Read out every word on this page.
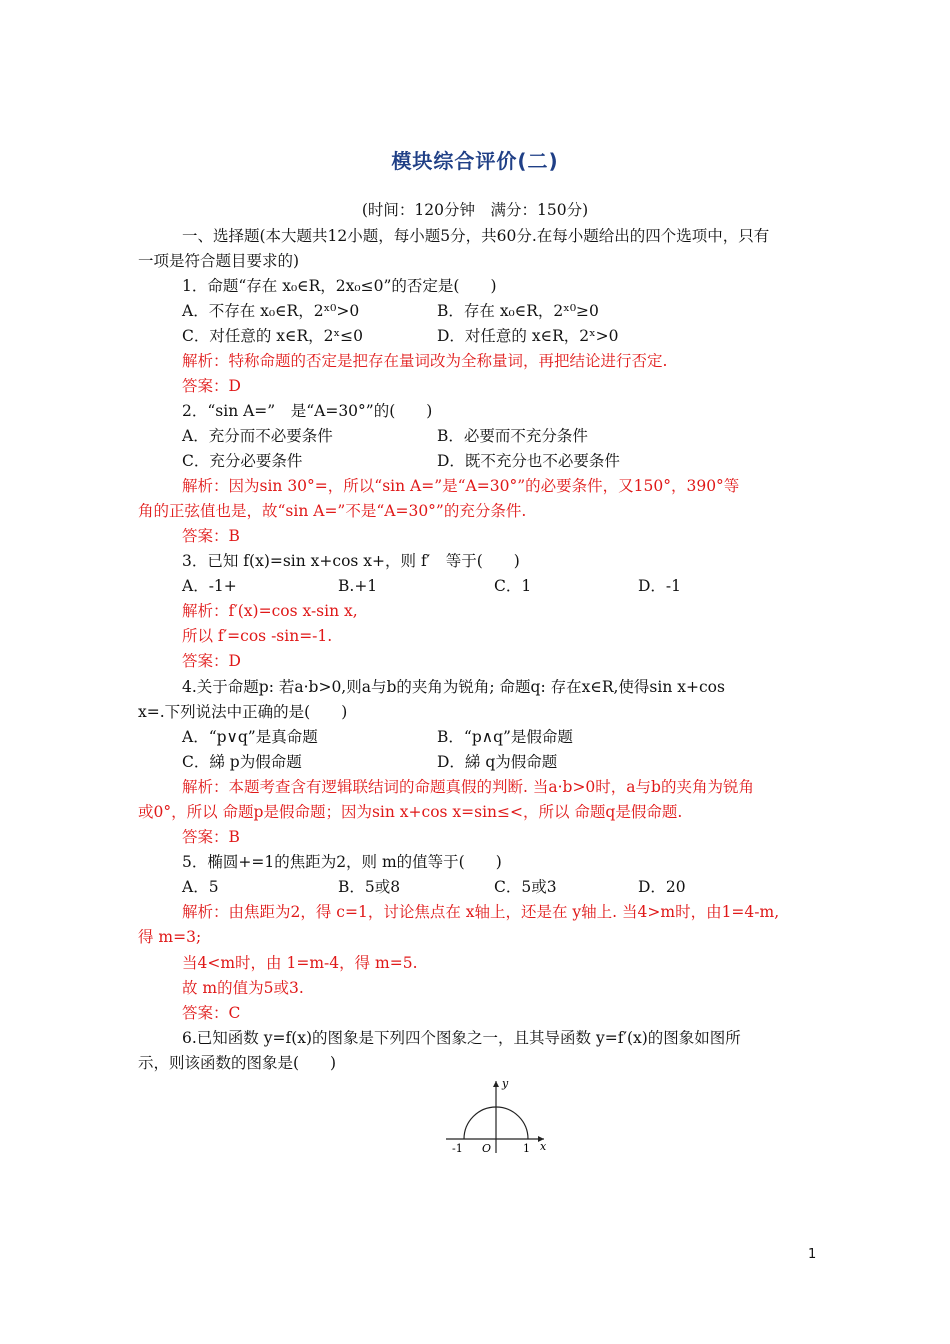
模块综合评价(二)
(时间：120分钟　满分：150分)
一、选择题(本大题共12小题，每小题5分，共60分.在每小题给出的四个选项中，只有
一项是符合题目要求的)
1．命题“存在 x₀∈R，2x₀≤0”的否定是(　　)
A．不存在 x₀∈R，2ˣ⁰>0	B．存在 x₀∈R，2ˣ⁰≥0
C．对任意的 x∈R，2ˣ≤0	D．对任意的 x∈R，2ˣ>0
解析：特称命题的否定是把存在量词改为全称量词，再把结论进行否定.
答案：D
2．“sin A=”　是“A=30°”的(　　)
A．充分而不必要条件	B．必要而不充分条件
C．充分必要条件	D．既不充分也不必要条件
解析：因为sin 30°=，所以“sin A=”是“A=30°”的必要条件，又150°，390°等
角的正弦值也是，故“sin A=”不是“A=30°”的充分条件.
答案：B
3．已知 f(x)=sin x+cos x+，则 f′　等于(　　)
A．-1+	B.+1	C．1	D．-1
解析：f′(x)=cos x-sin x,
所以 f′=cos -sin=-1.
答案：D
4.关于命题p: 若a·b>0,则a与b的夹角为锐角; 命题q: 存在x∈R,使得sin x+cos
x=.下列说法中正确的是(　　)
A．“p∨q”是真命题	B．“p∧q”是假命题
C．綈 p为假命题	D．綈 q为假命题
解析：本题考查含有逻辑联结词的命题真假的判断. 当a·b>0时，a与b的夹角为锐角
或0°，所以 命题p是假命题；因为sin x+cos x=sin≤<，所以 命题q是假命题.
答案：B
5．椭圆+=1的焦距为2，则 m的值等于(　　)
A．5	B．5或8	C．5或3	D．20
解析：由焦距为2，得 c=1，讨论焦点在 x轴上，还是在 y轴上. 当4>m时，由1=4-m,
得 m=3;
当4<m时，由 1=m-4，得 m=5.
故 m的值为5或3.
答案：C
6.已知函数 y=f(x)的图象是下列四个图象之一，且其导函数 y=f′(x)的图象如图所
示，则该函数的图象是(　　)
y
x
O
-1	1
1
